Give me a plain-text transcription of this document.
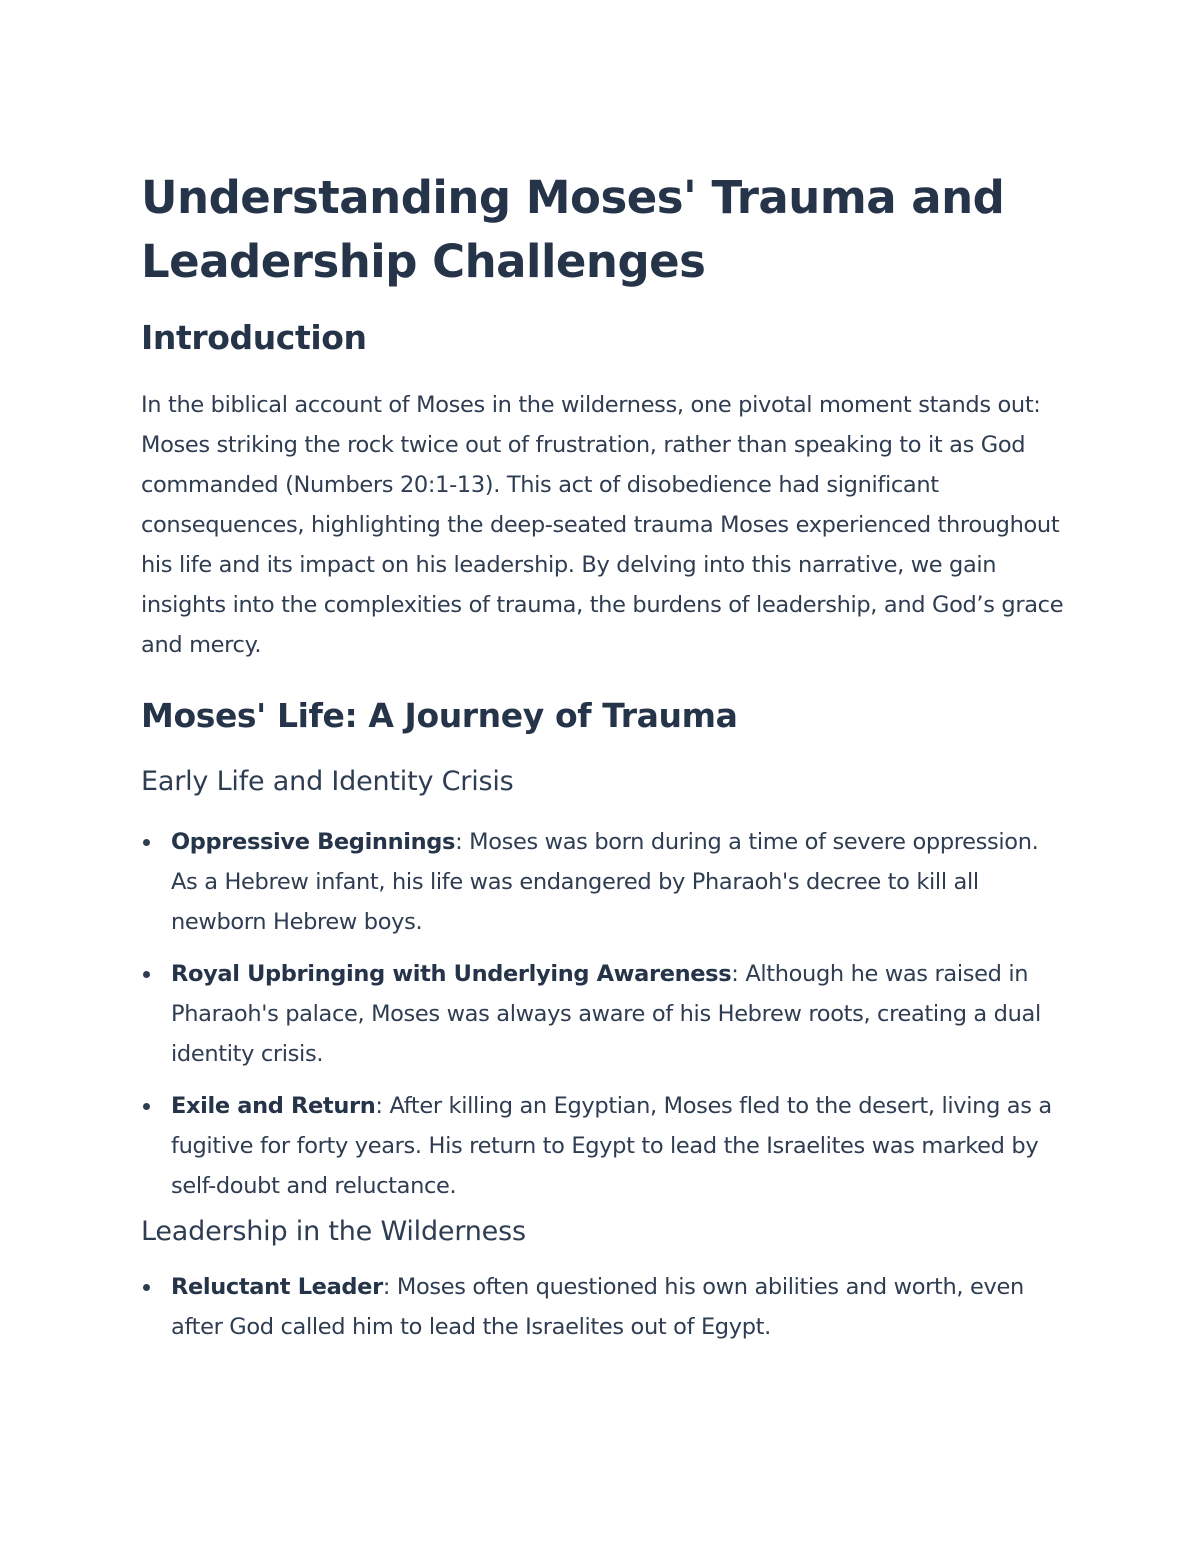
Understanding Moses' Trauma and Leadership Challenges
Introduction

In the biblical account of Moses in the wilderness, one pivotal moment stands out: Moses striking the rock twice out of frustration, rather than speaking to it as God commanded (Numbers 20:1-13). This act of disobedience had significant consequences, highlighting the deep-seated trauma Moses experienced throughout his life and its impact on his leadership. By delving into this narrative, we gain insights into the complexities of trauma, the burdens of leadership, and God’s grace and mercy.

Moses' Life: A Journey of Trauma
Early Life and Identity Crisis
Oppressive Beginnings: Moses was born during a time of severe oppression. As a Hebrew infant, his life was endangered by Pharaoh's decree to kill all newborn Hebrew boys.
Royal Upbringing with Underlying Awareness: Although he was raised in Pharaoh's palace, Moses was always aware of his Hebrew roots, creating a dual identity crisis.
Exile and Return: After killing an Egyptian, Moses fled to the desert, living as a fugitive for forty years. His return to Egypt to lead the Israelites was marked by self-doubt and reluctance.
Leadership in the Wilderness
Reluctant Leader: Moses often questioned his own abilities and worth, even after God called him to lead the Israelites out of Egypt.
